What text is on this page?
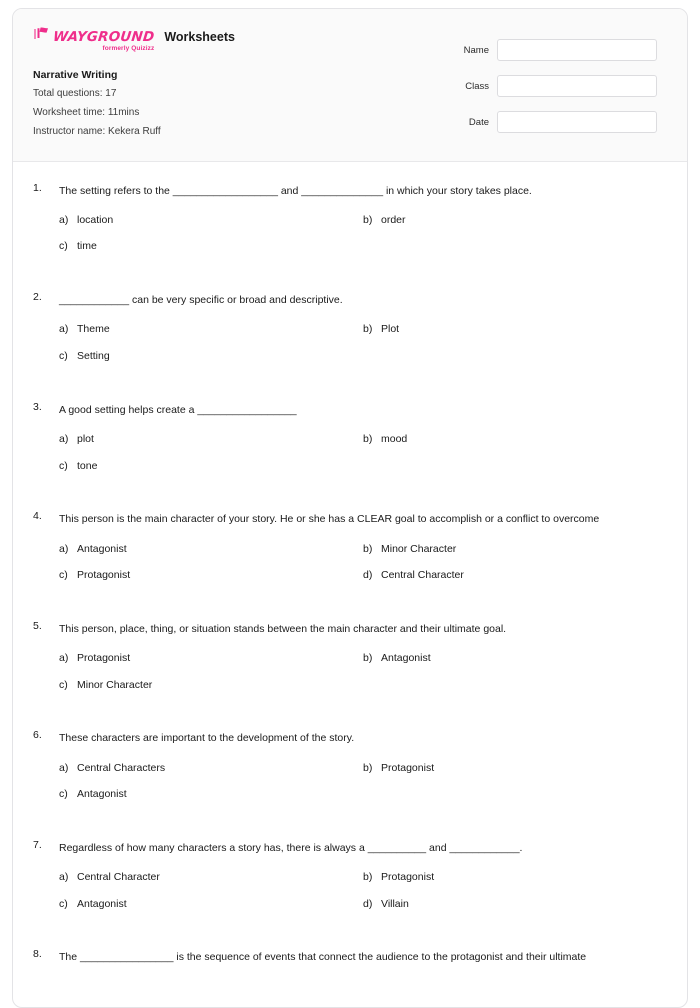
WAYGROUND
formerly Quizizz
Worksheets
Narrative Writing
Total questions: 17
Worksheet time: 11mins
Instructor name: Kekera Ruff
Name
Class
Date
1.	The setting refers to the __________________ and ______________ in which your story takes place.
a) location	b) order
c) time
2.	____________ can be very specific or broad and descriptive.
a) Theme	b) Plot
c) Setting
3.	A good setting helps create a _________________
a) plot	b) mood
c) tone
4.	This person is the main character of your story. He or she has a CLEAR goal to accomplish or a conflict to overcome
a) Antagonist	b) Minor Character
c) Protagonist	d) Central Character
5.	This person, place, thing, or situation stands between the main character and their ultimate goal.
a) Protagonist	b) Antagonist
c) Minor Character
6.	These characters are important to the development of the story.
a) Central Characters	b) Protagonist
c) Antagonist
7.	Regardless of how many characters a story has, there is always a __________ and ____________.
a) Central Character	b) Protagonist
c) Antagonist	d) Villain
8.	The ________________ is the sequence of events that connect the audience to the protagonist and their ultimate
